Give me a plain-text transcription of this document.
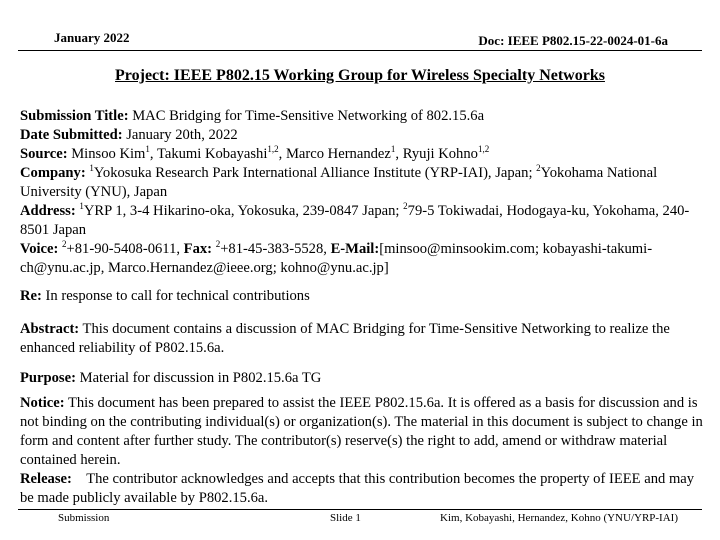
January 2022	Doc: IEEE P802.15-22-0024-01-6a
Project: IEEE P802.15 Working Group for Wireless Specialty Networks
Submission Title: MAC Bridging for Time-Sensitive Networking of 802.15.6a
Date Submitted: January 20th, 2022
Source: Minsoo Kim$^1$, Takumi Kobayashi$^{1,2}$, Marco Hernandez$^1$, Ryuji Kohno$^{1,2}$
Company: $^1$Yokosuka Research Park International Alliance Institute (YRP-IAI), Japan; $^2$Yokohama National University (YNU), Japan
Address: $^1$YRP 1, 3-4 Hikarino-oka, Yokosuka, 239-0847 Japan; $^2$79-5 Tokiwadai, Hodogaya-ku, Yokohama, 240-8501 Japan
Voice: $^2$+81-90-5408-0611, Fax: $^2$+81-45-383-5528, E-Mail:[minsoo@minsookim.com; kobayashi-takumi-ch@ynu.ac.jp, Marco.Hernandez@ieee.org; kohno@ynu.ac.jp]
Re: In response to call for technical contributions
Abstract: This document contains a discussion of MAC Bridging for Time-Sensitive Networking to realize the enhanced reliability of P802.15.6a.
Purpose: Material for discussion in P802.15.6a TG
Notice: This document has been prepared to assist the IEEE P802.15.6a. It is offered as a basis for discussion and is not binding on the contributing individual(s) or organization(s). The material in this document is subject to change in form and content after further study. The contributor(s) reserve(s) the right to add, amend or withdraw material contained herein.
Release:    The contributor acknowledges and accepts that this contribution becomes the property of IEEE and may be made publicly available by P802.15.6a.
Submission	Slide 1	Kim, Kobayashi, Hernandez, Kohno (YNU/YRP-IAI)
